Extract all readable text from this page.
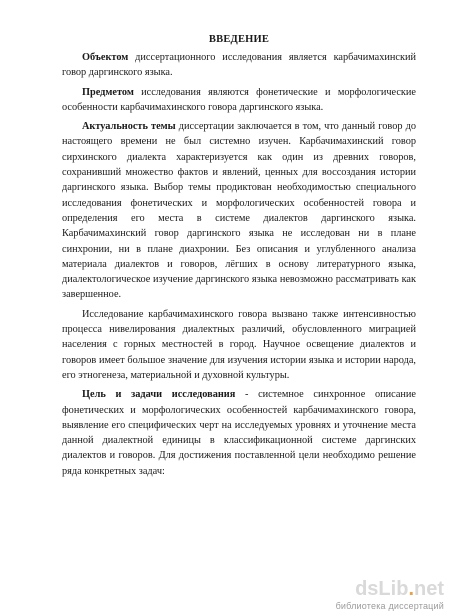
ВВЕДЕНИЕ

Объектом диссертационного исследования является карбачимахинский говор даргинского языка.

Предметом исследования являются фонетические и морфологические особенности карбачимахинского говора даргинского языка.

Актуальность темы диссертации заключается в том, что данный говор до настоящего времени не был системно изучен. Карбачимахинский говор сирхинского диалекта характеризуется как один из древних говоров, сохранивший множество фактов и явлений, ценных для воссоздания истории даргинского языка. Выбор темы продиктован необходимостью специального исследования фонетических и морфологических особенностей говора и определения его места в системе диалектов даргинского языка. Карбачимахинский говор даргинского языка не исследован ни в плане синхронии, ни в плане диахронии. Без описания и углубленного анализа материала диалектов и говоров, лёгших в основу литературного языка, диалектологическое изучение даргинского языка невозможно рассматривать как завершенное.

Исследование карбачимахинского говора вызвано также интенсивностью процесса нивелирования диалектных различий, обусловленного миграцией населения с горных местностей в город. Научное освещение диалектов и говоров имеет большое значение для изучения истории языка и истории народа, его этногенеза, материальной и духовной культуры.

Цель и задачи исследования - системное синхронное описание фонетических и морфологических особенностей карбачимахинского говора, выявление его специфических черт на исследуемых уровнях и уточнение места данной диалектной единицы в классификационной системе даргинских диалектов и говоров. Для достижения поставленной цели необходимо решение ряда конкретных задач:

dsLib.net
библиотека диссертаций
